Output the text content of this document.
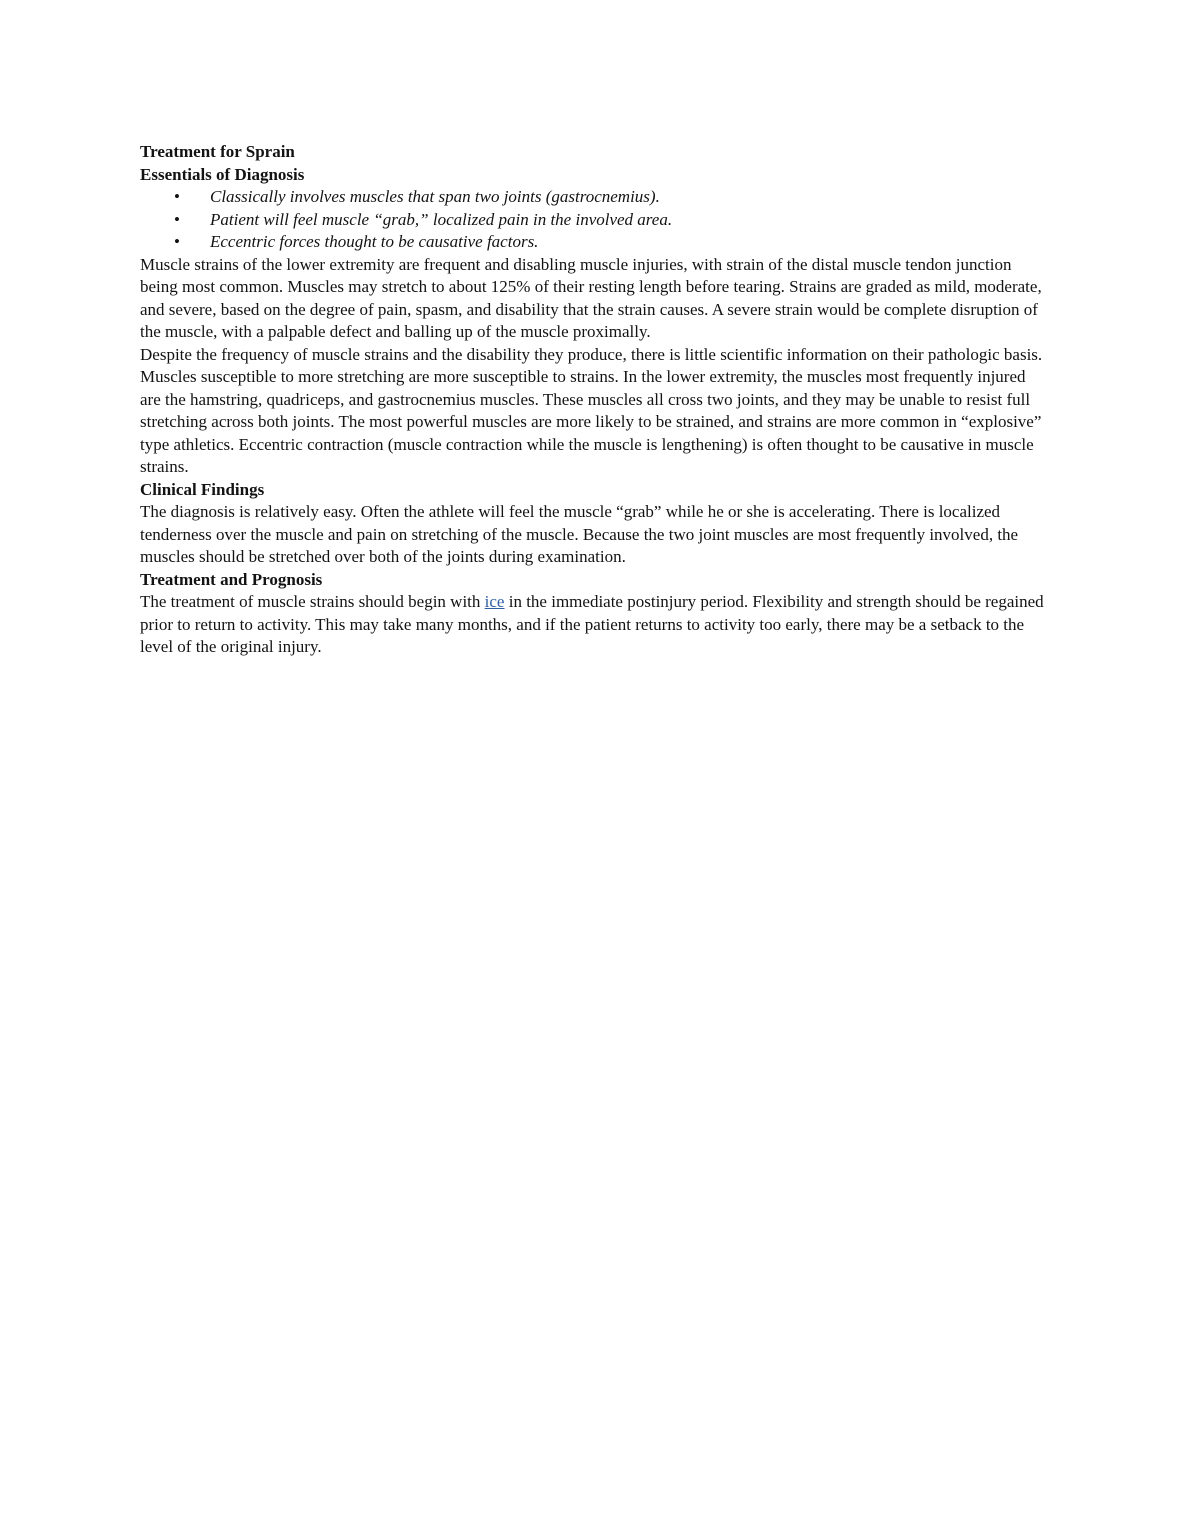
Treatment for Sprain
Essentials of Diagnosis
• Classically involves muscles that span two joints (gastrocnemius).
• Patient will feel muscle “grab,” localized pain in the involved area.
• Eccentric forces thought to be causative factors.

Muscle strains of the lower extremity are frequent and disabling muscle injuries, with strain of the distal muscle tendon junction being most common. Muscles may stretch to about 125% of their resting length before tearing. Strains are graded as mild, moderate, and severe, based on the degree of pain, spasm, and disability that the strain causes. A severe strain would be complete disruption of the muscle, with a palpable defect and balling up of the muscle proximally.

Despite the frequency of muscle strains and the disability they produce, there is little scientific information on their pathologic basis. Muscles susceptible to more stretching are more susceptible to strains. In the lower extremity, the muscles most frequently injured are the hamstring, quadriceps, and gastrocnemius muscles. These muscles all cross two joints, and they may be unable to resist full stretching across both joints. The most powerful muscles are more likely to be strained, and strains are more common in “explosive” type athletics. Eccentric contraction (muscle contraction while the muscle is lengthening) is often thought to be causative in muscle strains.

Clinical Findings

The diagnosis is relatively easy. Often the athlete will feel the muscle “grab” while he or she is accelerating. There is localized tenderness over the muscle and pain on stretching of the muscle. Because the two joint muscles are most frequently involved, the muscles should be stretched over both of the joints during examination.

Treatment and Prognosis

The treatment of muscle strains should begin with ice in the immediate postinjury period. Flexibility and strength should be regained prior to return to activity. This may take many months, and if the patient returns to activity too early, there may be a setback to the level of the original injury.
